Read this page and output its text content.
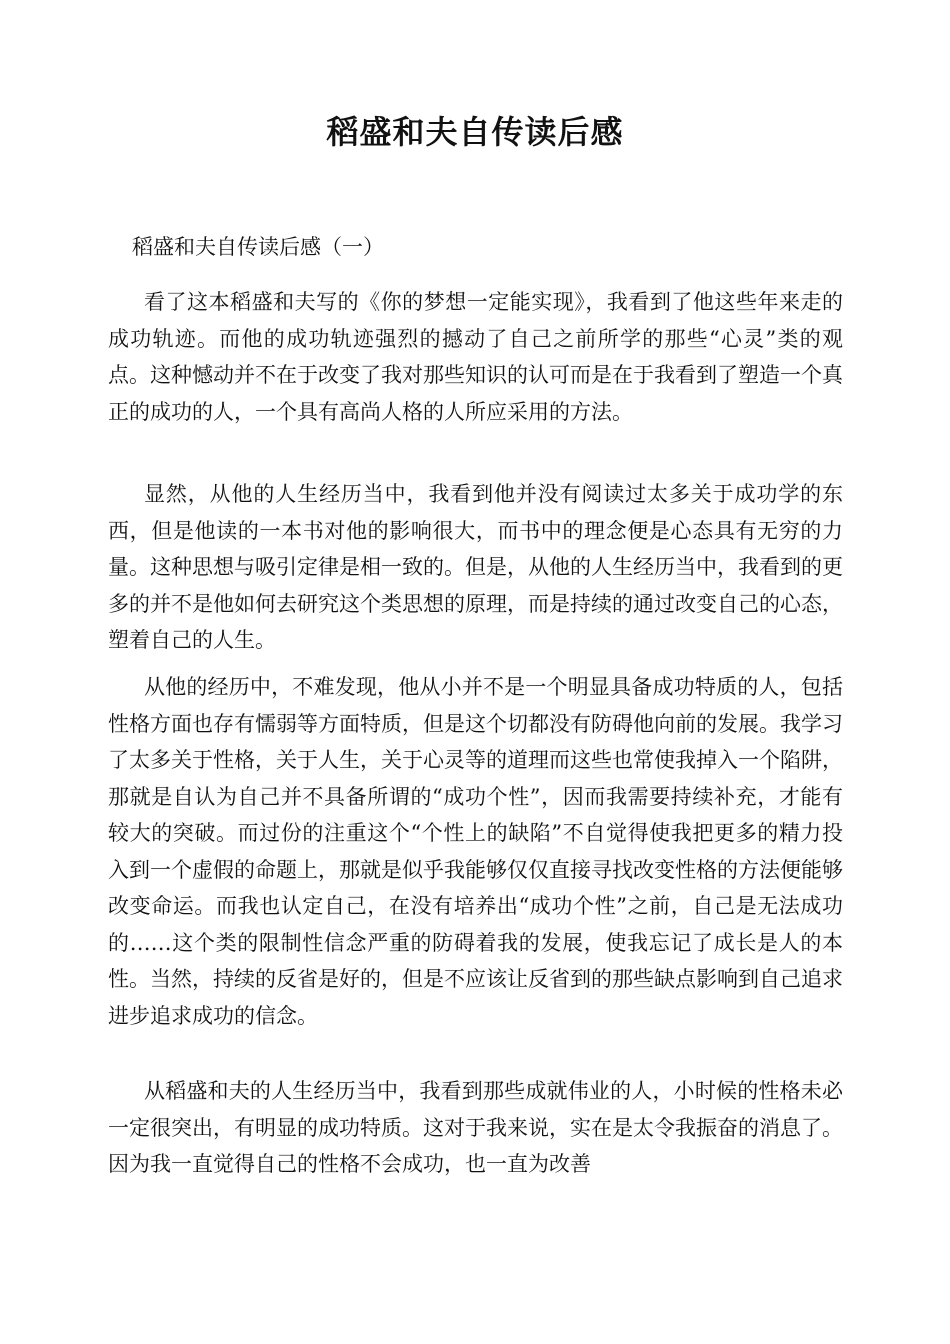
稻盛和夫自传读后感

稻盛和夫自传读后感（一）

看了这本稻盛和夫写的《你的梦想一定能实现》，我看到了他这些年来走的成功轨迹。而他的成功轨迹强烈的撼动了自己之前所学的那些“心灵”类的观点。这种憾动并不在于改变了我对那些知识的认可而是在于我看到了塑造一个真正的成功的人，一个具有高尚人格的人所应采用的方法。

显然，从他的人生经历当中，我看到他并没有阅读过太多关于成功学的东西，但是他读的一本书对他的影响很大，而书中的理念便是心态具有无穷的力量。这种思想与吸引定律是相一致的。但是，从他的人生经历当中，我看到的更多的并不是他如何去研究这个类思想的原理，而是持续的通过改变自己的心态，塑着自己的人生。

从他的经历中，不难发现，他从小并不是一个明显具备成功特质的人，包括性格方面也存有懦弱等方面特质，但是这个切都没有防碍他向前的发展。我学习了太多关于性格，关于人生，关于心灵等的道理而这些也常使我掉入一个陷阱，那就是自认为自己并不具备所谓的“成功个性”，因而我需要持续补充，才能有较大的突破。而过份的注重这个“个性上的缺陷”不自觉得使我把更多的精力投入到一个虚假的命题上，那就是似乎我能够仅仅直接寻找改变性格的方法便能够改变命运。而我也认定自己，在没有培养出“成功个性”之前，自己是无法成功的……这个类的限制性信念严重的防碍着我的发展，使我忘记了成长是人的本性。当然，持续的反省是好的，但是不应该让反省到的那些缺点影响到自己追求进步追求成功的信念。

从稻盛和夫的人生经历当中，我看到那些成就伟业的人，小时候的性格未必一定很突出，有明显的成功特质。这对于我来说，实在是太令我振奋的消息了。因为我一直觉得自己的性格不会成功，也一直为改善
